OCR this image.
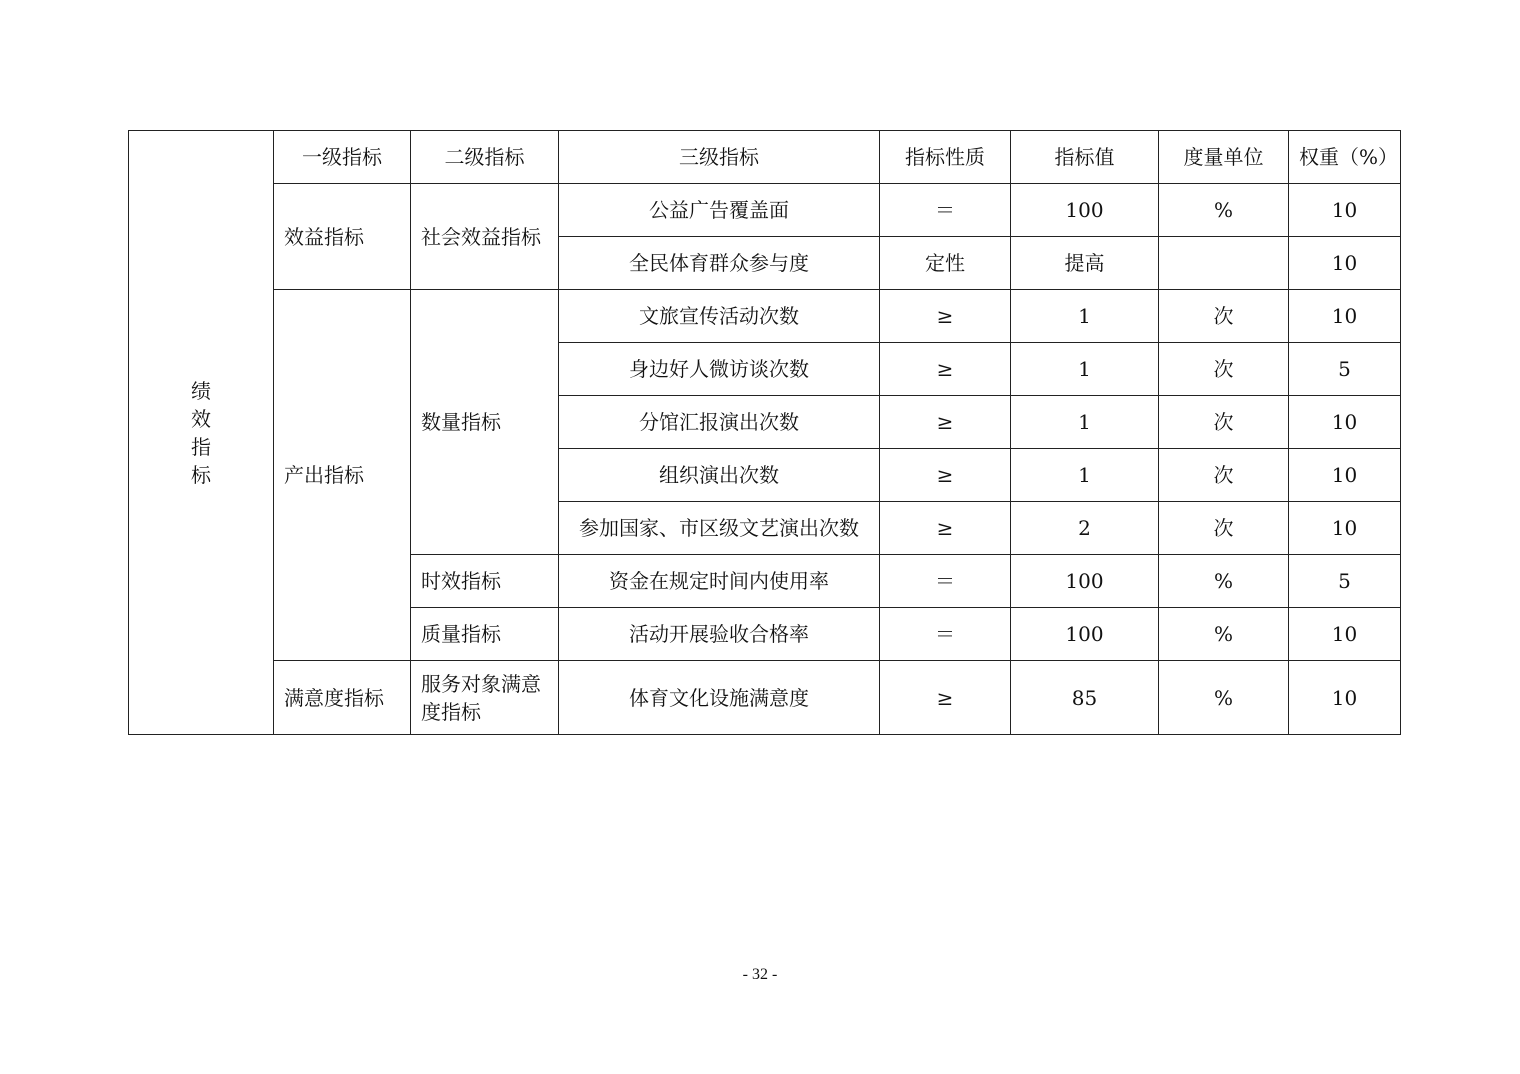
绩效指标	一级指标	二级指标	三级指标	指标性质	指标值	度量单位	权重（%）
	效益指标	社会效益指标	公益广告覆盖面	＝	100	%	10
			全民体育群众参与度	定性	提高		10
	产出指标	数量指标	文旅宣传活动次数	≥	1	次	10
			身边好人微访谈次数	≥	1	次	5
			分馆汇报演出次数	≥	1	次	10
			组织演出次数	≥	1	次	10
			参加国家、市区级文艺演出次数	≥	2	次	10
		时效指标	资金在规定时间内使用率	＝	100	%	5
		质量指标	活动开展验收合格率	＝	100	%	10
	满意度指标	服务对象满意度指标	体育文化设施满意度	≥	85	%	10
- 32 -
